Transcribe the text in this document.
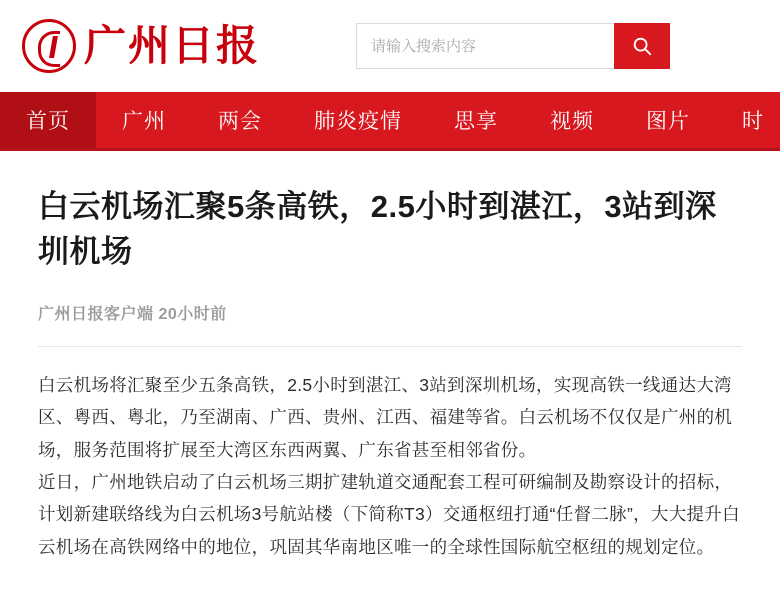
广州日报
请输入搜索内容
首页	广州	两会	肺炎疫情	思享	视频	图片	时
白云机场汇聚5条高铁，2.5小时到湛江，3站到深圳机场
广州日报客户端 20小时前

白云机场将汇聚至少五条高铁，2.5小时到湛江、3站到深圳机场，实现高铁一线通达大湾区、粤西、粤北，乃至湖南、广西、贵州、江西、福建等省。白云机场不仅仅是广州的机场，服务范围将扩展至大湾区东西两翼、广东省甚至相邻省份。

近日，广州地铁启动了白云机场三期扩建轨道交通配套工程可研编制及勘察设计的招标，计划新建联络线为白云机场3号航站楼（下简称T3）交通枢纽打通“任督二脉”，大大提升白云机场在高铁网络中的地位，巩固其华南地区唯一的全球性国际航空枢纽的规划定位。
